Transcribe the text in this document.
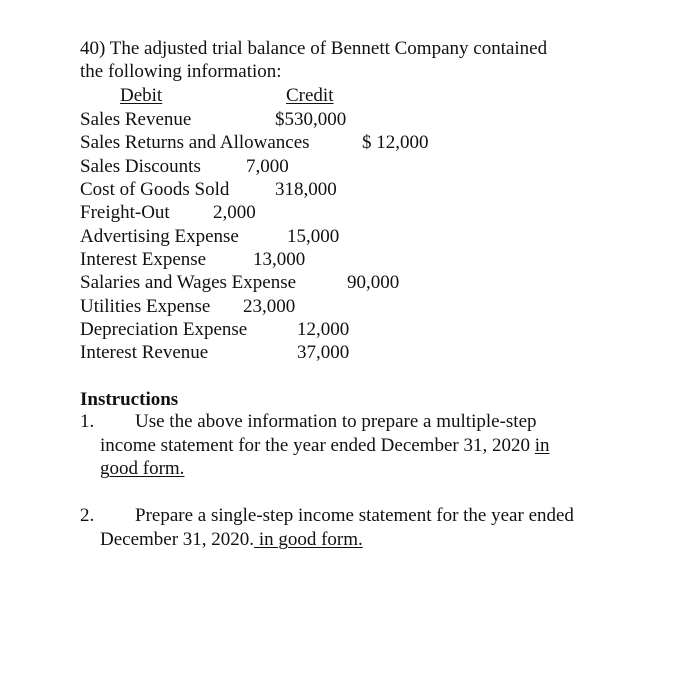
40) The adjusted trial balance of Bennett Company contained
the following information:
Debit	Credit
Sales Revenue	$530,000
Sales Returns and Allowances	$ 12,000
Sales Discounts 7,000
Cost of Goods Sold 318,000
Freight-Out 2,000
Advertising Expense	15,000
Interest Expense 13,000
Salaries and Wages Expense	90,000
Utilities Expense 23,000
Depreciation Expense	12,000
Interest Revenue	37,000
Instructions
1. Use the above information to prepare a multiple-step
income statement for the year ended December 31, 2020 in
good form.
2. Prepare a single-step income statement for the year ended
December 31, 2020. in good form.
